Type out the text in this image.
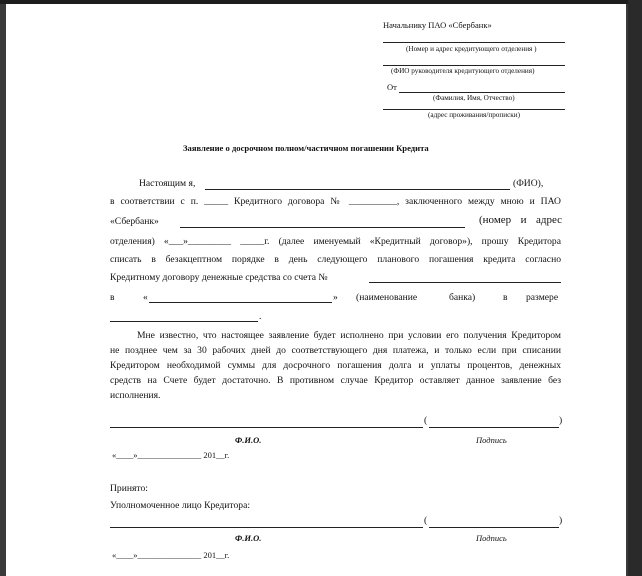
Начальнику ПАО «Сбербанк»
(Номер и адрес кредитующего отделения )
(ФИО руководителя кредитующего отделения)
От
(Фамилия, Имя, Отчество)
(адрес проживания/прописки)
Заявление о досрочном полном/частичном погашении Кредита
Настоящим я,	(ФИО),
в соответствии с п. _____ Кредитного договора № __________, заключенного между мною и ПАО
«Сбербанк»	(номер и адрес
отделения) «___»_________ _____г. (далее именуемый «Кредитный договор»), прошу Кредитора
списать в безакцептном порядке в день следующего планового погашения кредита согласно
Кредитному договору денежные средства со счета №
в	«	» (наименование	банка)	в размере
.
Мне известно, что настоящее заявление будет исполнено при условии его получения Кредитором
не позднее чем за 30 рабочих дней до соответствующего дня платежа, и только если при списании
Кредитором необходимой суммы для досрочного погашения долга и уплаты процентов, денежных
средств на Счете будет достаточно. В противном случае Кредитор оставляет данное заявление без
исполнения.
(	)
Ф.И.О.	Подпись
«____»_______________ 201__г.
Принято:
Уполномоченное лицо Кредитора:
(	)
Ф.И.О.	Подпись
«____»_______________ 201__г.
